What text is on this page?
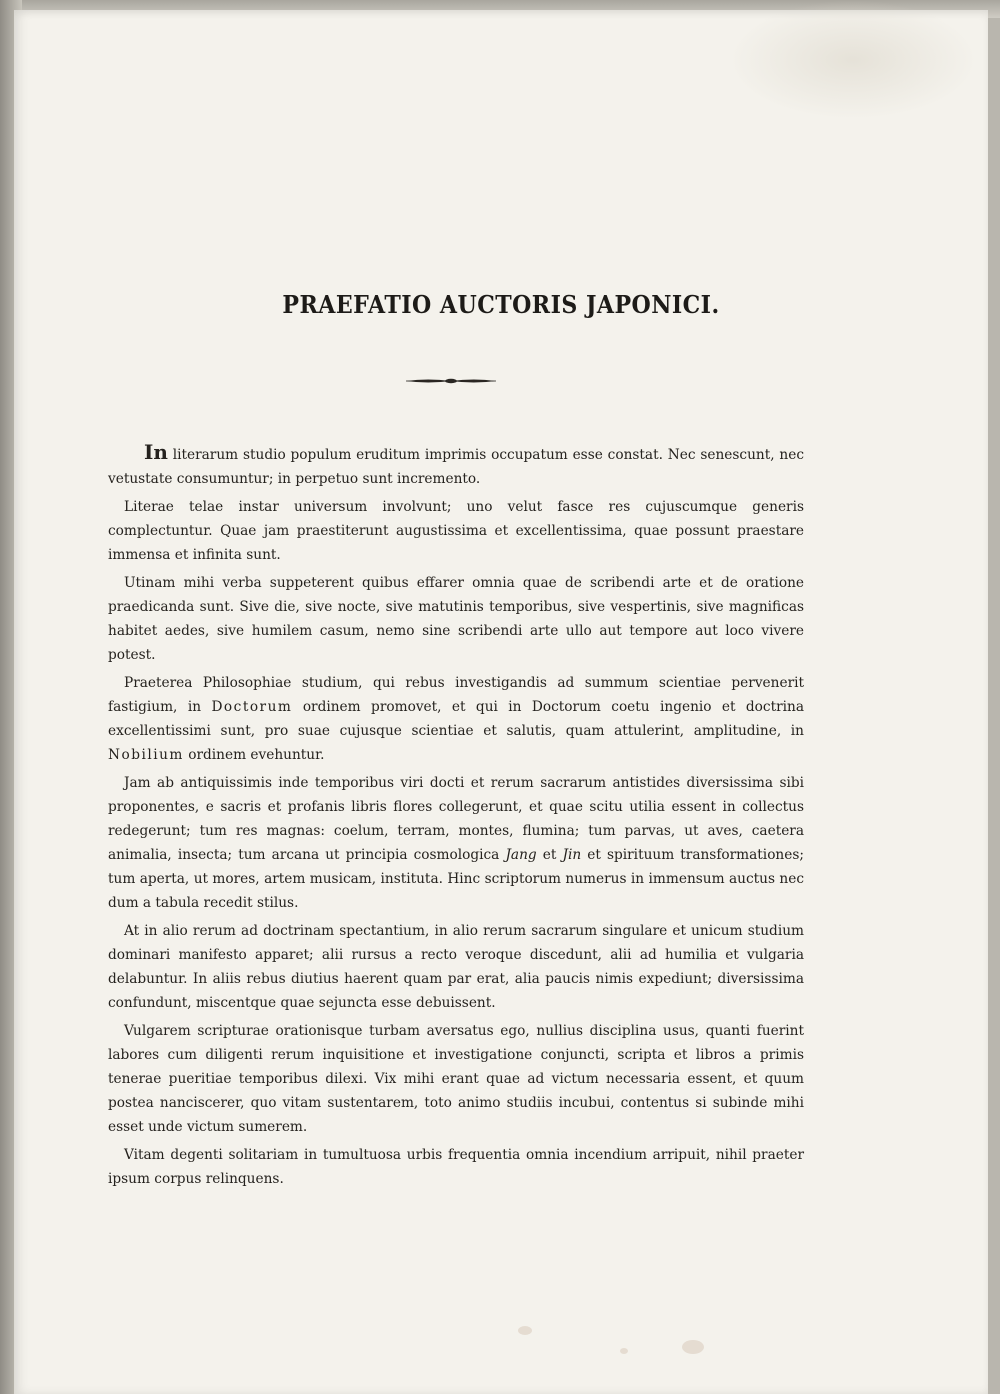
PRAEFATIO AUCTORIS JAPONICI.

In literarum studio populum eruditum imprimis occupatum esse constat. Nec senescunt, nec vetustate consumuntur; in perpetuo sunt incremento.

Literae telae instar universum involvunt; uno velut fasce res cujuscumque generis complectuntur. Quae jam praestiterunt augustissima et excellentissima, quae possunt praestare immensa et infinita sunt.

Utinam mihi verba suppeterent quibus effarer omnia quae de scribendi arte et de oratione praedicanda sunt. Sive die, sive nocte, sive matutinis temporibus, sive vespertinis, sive magnificas habitet aedes, sive humilem casum, nemo sine scribendi arte ullo aut tempore aut loco vivere potest.

Praeterea Philosophiae studium, qui rebus investigandis ad summum scientiae pervenerit fastigium, in Doctorum ordinem promovet, et qui in Doctorum coetu ingenio et doctrina excellentissimi sunt, pro suae cujusque scientiae et salutis, quam attulerint, amplitudine, in Nobilium ordinem evehuntur.

Jam ab antiquissimis inde temporibus viri docti et rerum sacrarum antistides diversissima sibi proponentes, e sacris et profanis libris flores collegerunt, et quae scitu utilia essent in collectus redegerunt; tum res magnas: coelum, terram, montes, flumina; tum parvas, ut aves, caetera animalia, insecta; tum arcana ut principia cosmologica Jang et Jin et spirituum transformationes; tum aperta, ut mores, artem musicam, instituta. Hinc scriptorum numerus in immensum auctus nec dum a tabula recedit stilus.

At in alio rerum ad doctrinam spectantium, in alio rerum sacrarum singulare et unicum studium dominari manifesto apparet; alii rursus a recto veroque discedunt, alii ad humilia et vulgaria delabuntur. In aliis rebus diutius haerent quam par erat, alia paucis nimis expediunt; diversissima confundunt, miscentque quae sejuncta esse debuissent.

Vulgarem scripturae orationisque turbam aversatus ego, nullius disciplina usus, quanti fuerint labores cum diligenti rerum inquisitione et investigatione conjuncti, scripta et libros a primis tenerae pueritiae temporibus dilexi. Vix mihi erant quae ad victum necessaria essent, et quum postea nanciscerer, quo vitam sustentarem, toto animo studiis incubui, contentus si subinde mihi esset unde victum sumerem.

Vitam degenti solitariam in tumultuosa urbis frequentia omnia incendium arripuit, nihil praeter ipsum corpus relinquens.
